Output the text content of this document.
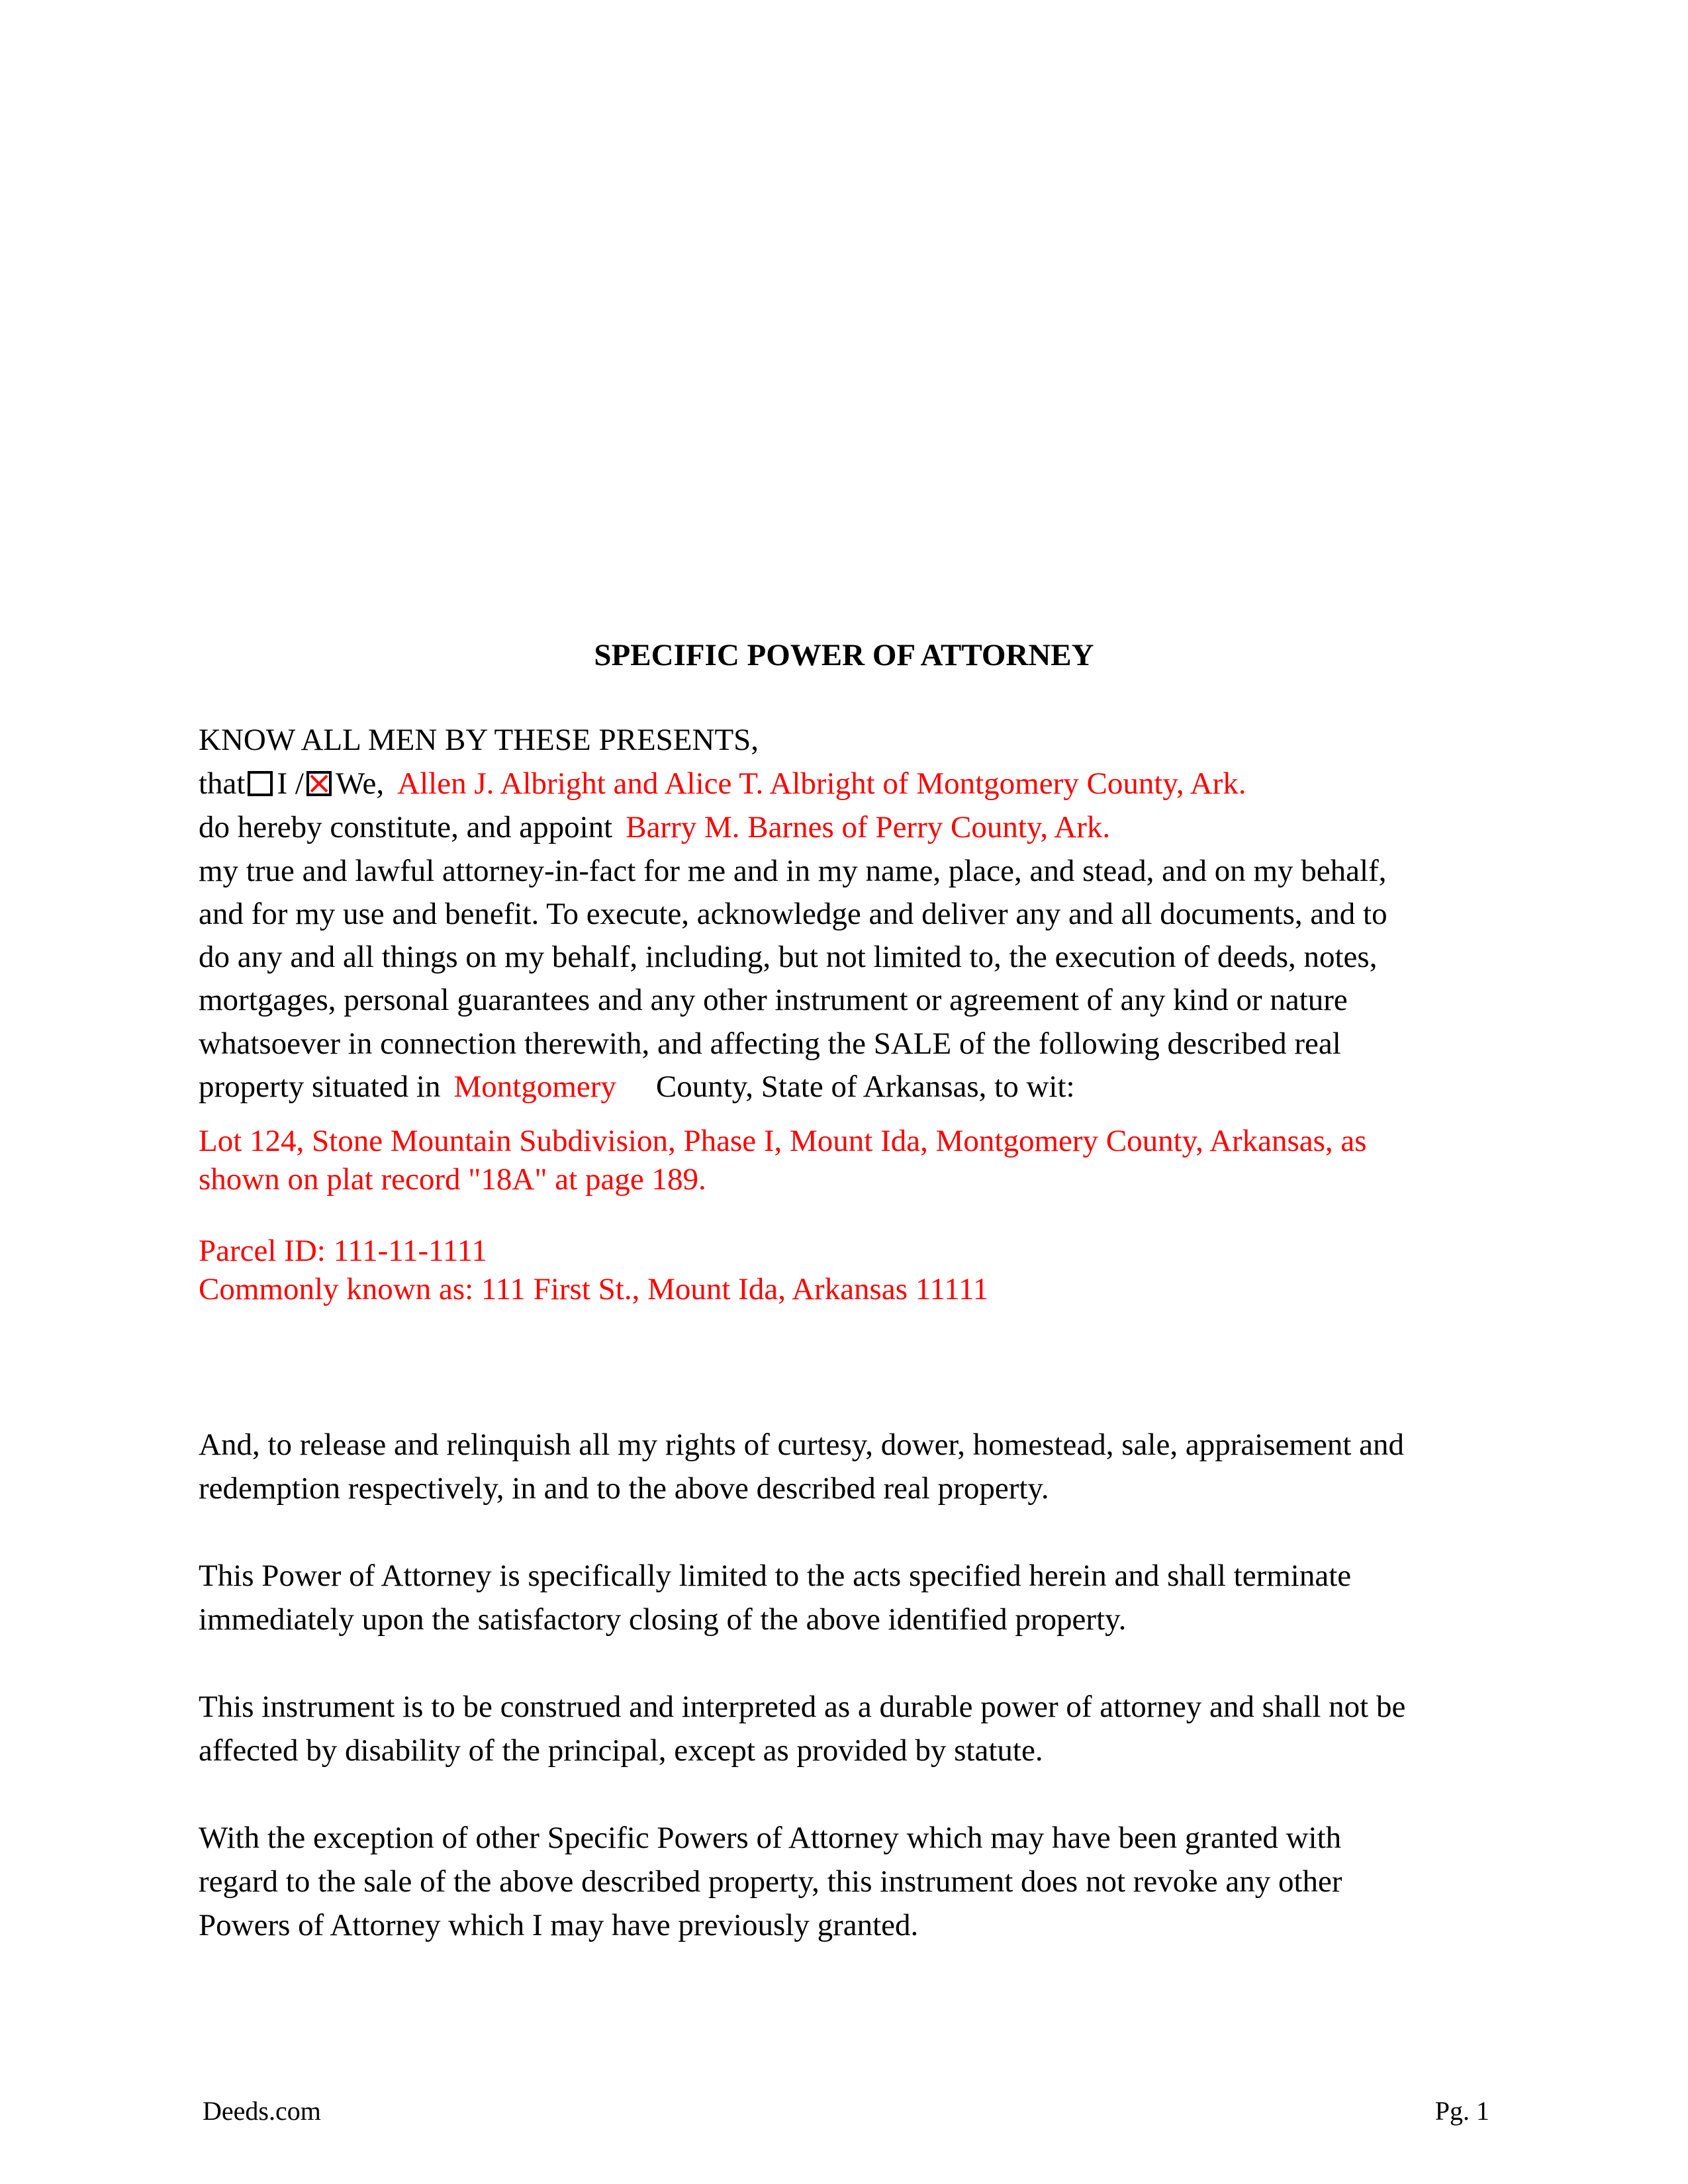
SPECIFIC POWER OF ATTORNEY
KNOW ALL MEN BY THESE PRESENTS,
that I / We, Allen J. Albright and Alice T. Albright of Montgomery County, Ark.
do hereby constitute, and appoint Barry M. Barnes of Perry County, Ark.
my true and lawful attorney-in-fact for me and in my name, place, and stead, and on my behalf,
and for my use and benefit. To execute, acknowledge and deliver any and all documents, and to
do any and all things on my behalf, including, but not limited to, the execution of deeds, notes,
mortgages, personal guarantees and any other instrument or agreement of any kind or nature
whatsoever in connection therewith, and affecting the SALE of the following described real
property situated in Montgomery County, State of Arkansas, to wit:
Lot 124, Stone Mountain Subdivision, Phase I, Mount Ida, Montgomery County, Arkansas, as
shown on plat record "18A" at page 189.
Parcel ID: 111-11-1111
Commonly known as: 111 First St., Mount Ida, Arkansas 11111
And, to release and relinquish all my rights of curtesy, dower, homestead, sale, appraisement and
redemption respectively, in and to the above described real property.
This Power of Attorney is specifically limited to the acts specified herein and shall terminate
immediately upon the satisfactory closing of the above identified property.
This instrument is to be construed and interpreted as a durable power of attorney and shall not be
affected by disability of the principal, except as provided by statute.
With the exception of other Specific Powers of Attorney which may have been granted with
regard to the sale of the above described property, this instrument does not revoke any other
Powers of Attorney which I may have previously granted.
Deeds.com	Pg. 1
